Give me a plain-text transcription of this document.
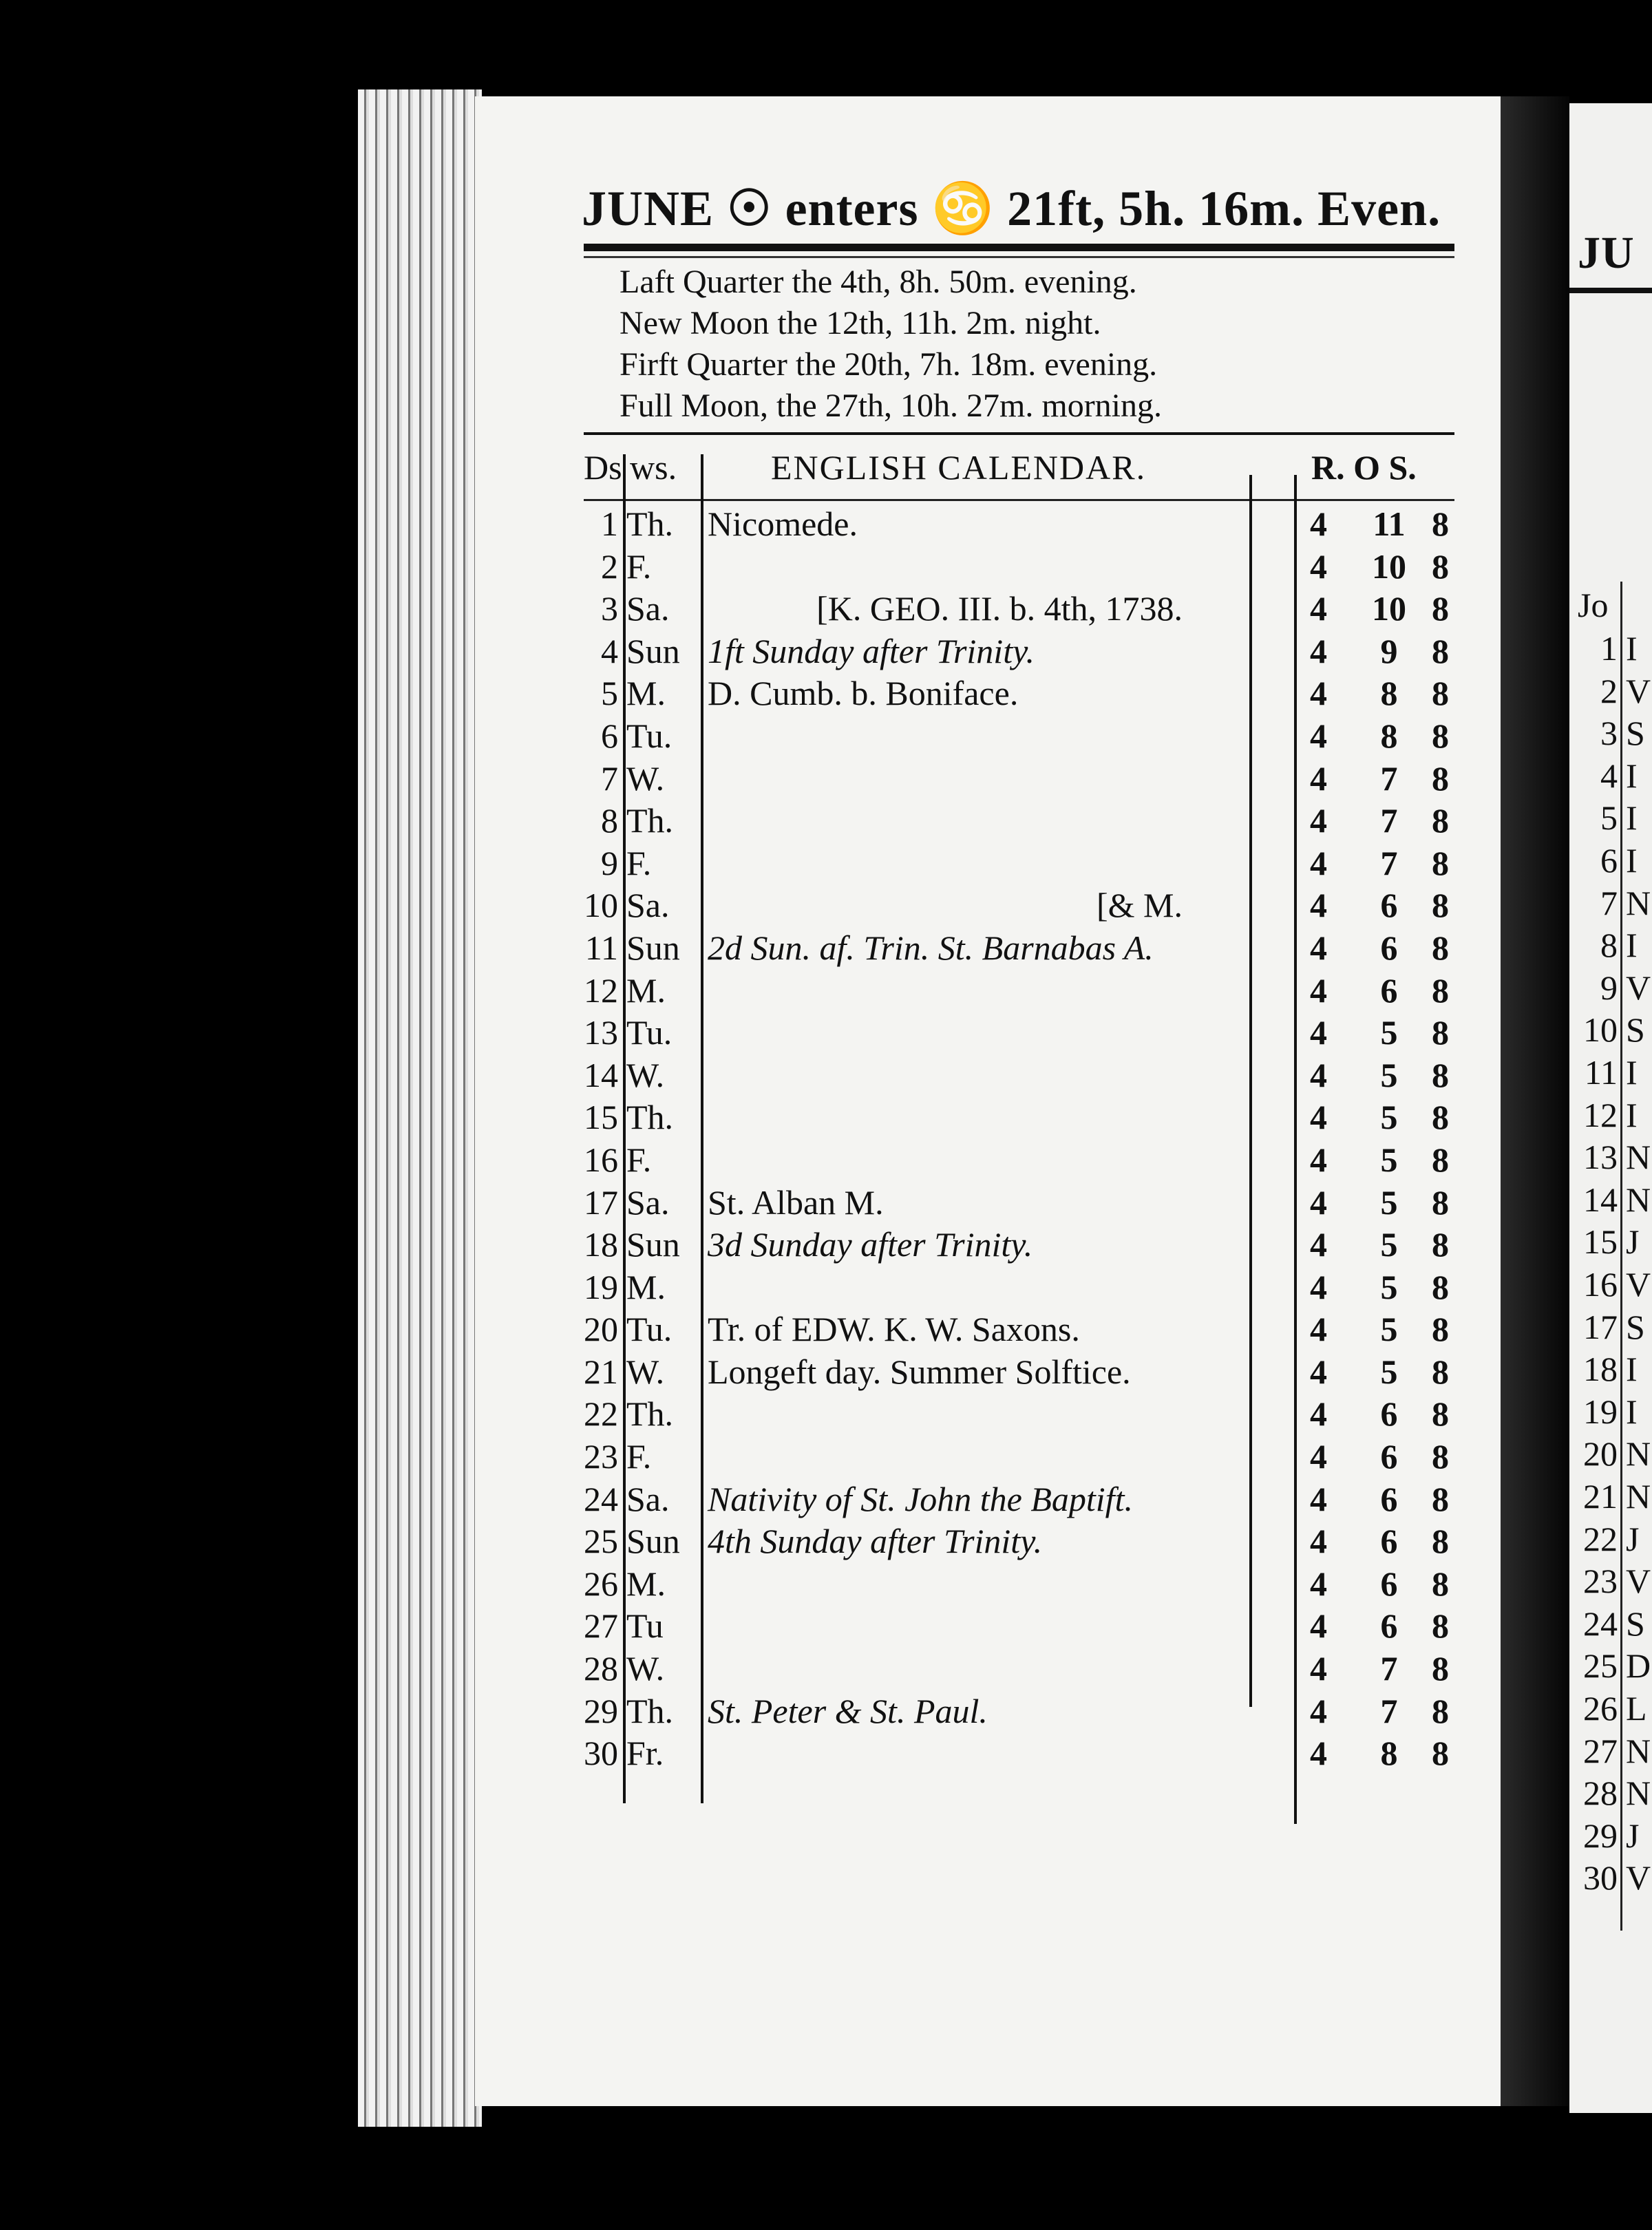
JU
Jo
1 I
2 V
3 S
4 I
5 I
6 I
7 N
8 I
9 V
10 S
11 I
12 I
13 N
14 N
15 J
16 V
17 S
18 I
19 I
20 N
21 N
22 J
23 V
24 S
25 D
26 L
27 N
28 N
29 J
30 V
JUNE ☉ enters ♋ 21ft, 5h. 16m. Even.
Laft Quarter the 4th, 8h. 50m. evening.
New Moon the 12th, 11h. 2m. night.
Firft Quarter the 20th, 7h. 18m. evening.
Full Moon, the 27th, 10h. 27m. morning.
Ds ws.	ENGLISH CALENDAR.	R. O S.
1 Th. Nicomede.	4 11 8
2 F.	4 10 8
3 Sa.	[K. GEO. III. b. 4th, 1738.	4 10 8
4 Sun 1ft Sunday after Trinity.	4	9 8
5 M. D. Cumb. b. Boniface.	4	8 8
6 Tu.	4	8 8
7 W.	4	7 8
8 Th.	4	7 8
9 F.	4	7 8
10 Sa.	[& M.	4	6 8
11 Sun 2d Sun. af. Trin. St. Barnabas A.	4	6 8
12 M.	4	6 8
13 Tu.	4	5 8
14 W.	4	5 8
15 Th.	4	5 8
16 F.	4	5 8
17 Sa. St. Alban M.	4	5 8
18 Sun 3d Sunday after Trinity.	4	5 8
19 M.	4	5 8
20 Tu. Tr. of EDW. K. W. Saxons.	4	5 8
21 W. Longeft day. Summer Solftice.	4	5 8
22 Th.	4	6 8
23 F.	4	6 8
24 Sa. Nativity of St. John the Baptift.	4	6 8
25 Sun 4th Sunday after Trinity.	4	6 8
26 M.	4	6 8
27 Tu	4	6 8
28 W.	4	7 8
29 Th. St. Peter & St. Paul.	4	7 8
30 Fr.	4	8 8
